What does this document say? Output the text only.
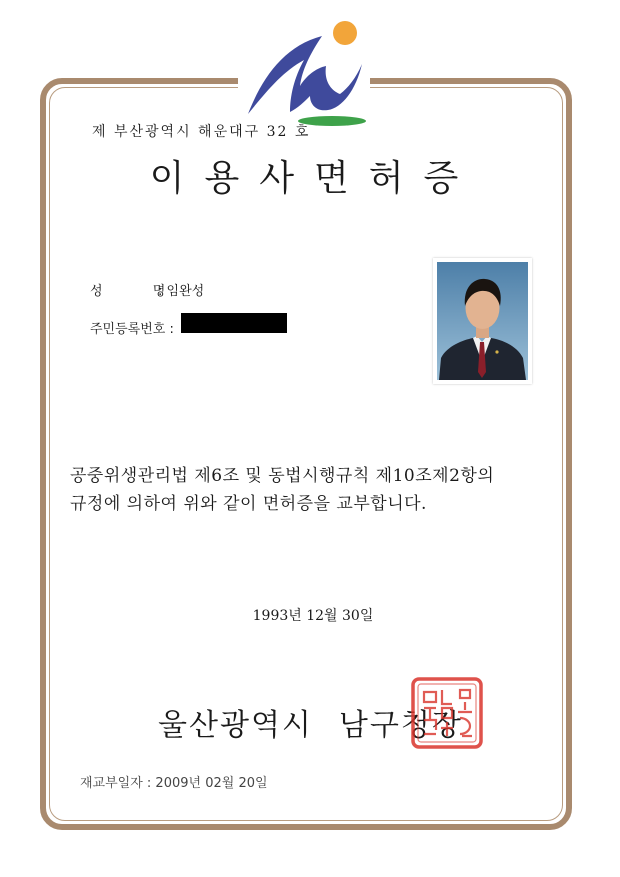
제 부산광역시 해운대구 32 호
이용사면허증
성 명
: 임완성
주민등록번호 :
공중위생관리법 제6조 및 동법시행규칙 제10조제2항의
규정에 의하여 위와 같이 면허증을 교부합니다.
1993년 12월 30일
울산광역시 남구청장
재교부일자 : 2009년 02월 20일
